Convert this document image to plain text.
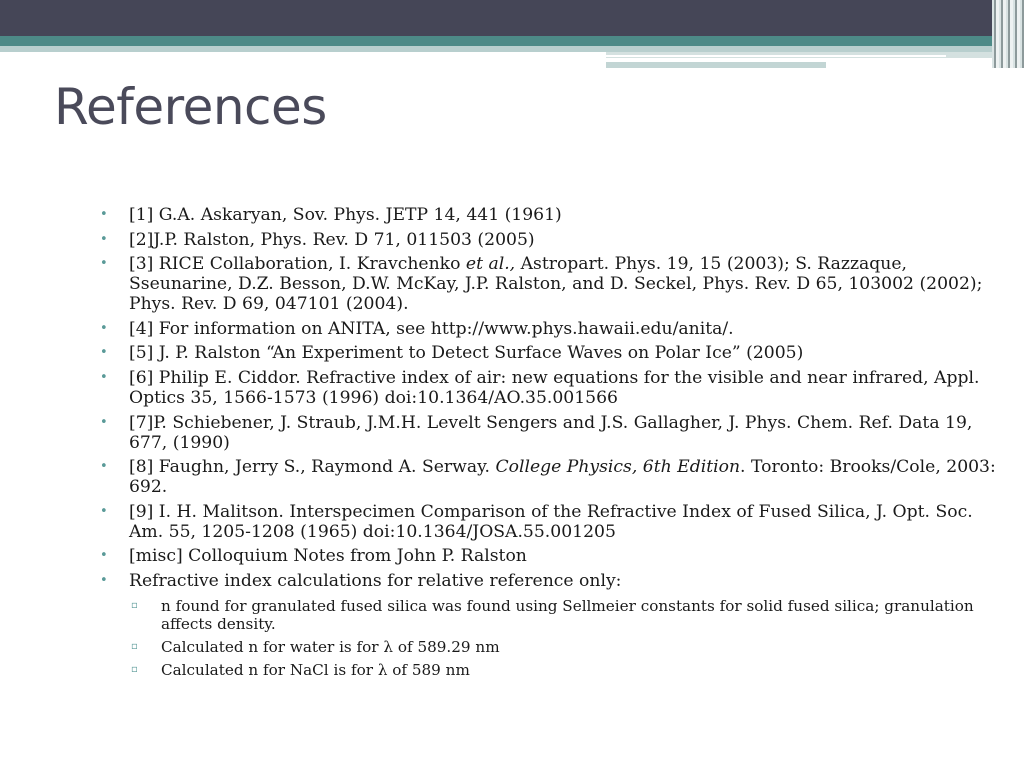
References
• [1] G.A. Askaryan, Sov. Phys. JETP 14, 441 (1961)
• [2]J.P. Ralston, Phys. Rev. D 71, 011503 (2005)
• [3] RICE Collaboration, I. Kravchenko et al., Astropart. Phys. 19, 15 (2003); S. Razzaque, Sseunarine, D.Z. Besson, D.W. McKay, J.P. Ralston, and D. Seckel, Phys. Rev. D 65, 103002 (2002); Phys. Rev. D 69, 047101 (2004).
• [4] For information on ANITA, see http://www.phys.hawaii.edu/anita/.
• [5] J. P. Ralston “An Experiment to Detect Surface Waves on Polar Ice” (2005)
• [6] Philip E. Ciddor. Refractive index of air: new equations for the visible and near infrared, Appl. Optics 35, 1566-1573 (1996) doi:10.1364/AO.35.001566
• [7]P. Schiebener, J. Straub, J.M.H. Levelt Sengers and J.S. Gallagher, J. Phys. Chem. Ref. Data 19, 677, (1990)
• [8] Faughn, Jerry S., Raymond A. Serway. College Physics, 6th Edition. Toronto: Brooks/Cole, 2003: 692.
• [9] I. H. Malitson. Interspecimen Comparison of the Refractive Index of Fused Silica, J. Opt. Soc. Am. 55, 1205-1208 (1965) doi:10.1364/JOSA.55.001205
• [misc] Colloquium Notes from John P. Ralston
• Refractive index calculations for relative reference only:
▫ n found for granulated fused silica was found using Sellmeier constants for solid fused silica; granulation affects density.
▫ Calculated n for water is for λ of 589.29 nm
▫ Calculated n for NaCl is for λ of 589 nm
